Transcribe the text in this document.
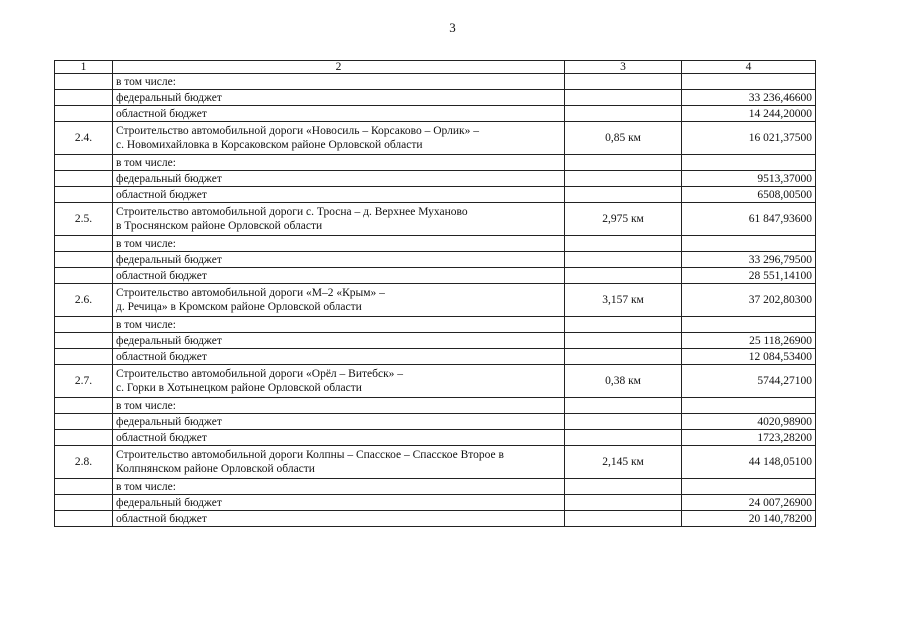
3
1	2	3	4
	в том числе:		
	федеральный бюджет		33 236,46600
	областной бюджет		14 244,20000
2.4.	Строительство автомобильной дороги «Новосиль – Корсаково – Орлик» –
с. Новомихайловка в Корсаковском районе Орловской области	0,85 км	16 021,37500
	в том числе:		
	федеральный бюджет		9513,37000
	областной бюджет		6508,00500
2.5.	Строительство автомобильной дороги с. Тросна – д. Верхнее Муханово
в Троснянском районе Орловской области	2,975 км	61 847,93600
	в том числе:		
	федеральный бюджет		33 296,79500
	областной бюджет		28 551,14100
2.6.	Строительство автомобильной дороги «М–2 «Крым» –
д. Речица» в Кромском районе Орловской области	3,157 км	37 202,80300
	в том числе:		
	федеральный бюджет		25 118,26900
	областной бюджет		12 084,53400
2.7.	Строительство автомобильной дороги «Орёл – Витебск» –
с. Горки в Хотынецком районе Орловской области	0,38 км	5744,27100
	в том числе:		
	федеральный бюджет		4020,98900
	областной бюджет		1723,28200
2.8.	Строительство автомобильной дороги Колпны – Спасское – Спасское Второе в
Колпнянском районе Орловской области	2,145 км	44 148,05100
	в том числе:		
	федеральный бюджет		24 007,26900
	областной бюджет		20 140,78200
